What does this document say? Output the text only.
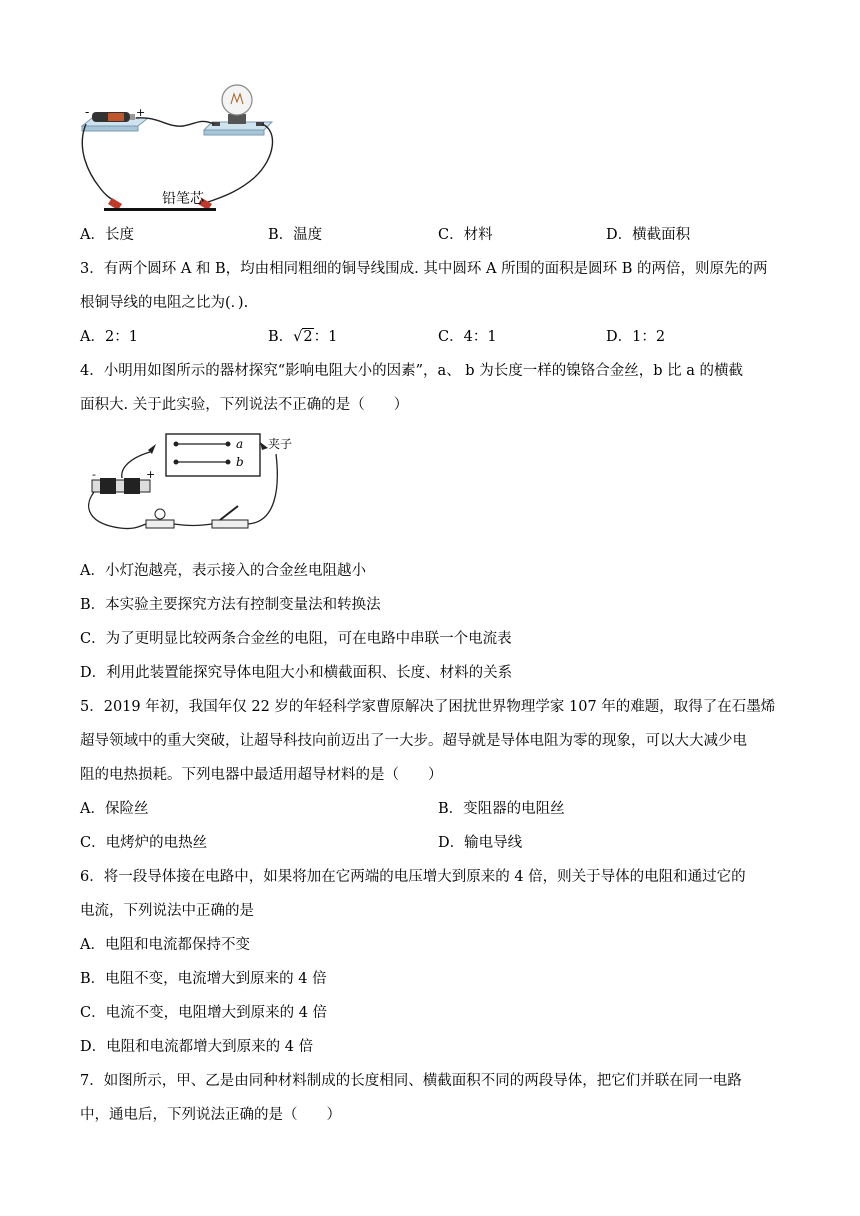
-	+
铅笔芯
A．长度	B．温度	C．材料	D．横截面积
3．有两个圆环 A 和 B，均由相同粗细的铜导线围成. 其中圆环 A 所围的面积是圆环 B 的两倍，则原先的两
根铜导线的电阻之比为(．).
A．2：1	B．√2：1	C．4：1	D．1：2
4．小明用如图所示的器材探究“影响电阻大小的因素”，a、 b 为长度一样的镍铬合金丝，b 比 a 的横截
面积大. 关于此实验，下列说法不正确的是（　　）
a
b
夹子
-	+
A．小灯泡越亮，表示接入的合金丝电阻越小
B．本实验主要探究方法有控制变量法和转换法
C．为了更明显比较两条合金丝的电阻，可在电路中串联一个电流表
D．利用此装置能探究导体电阻大小和横截面积、长度、材料的关系
5．2019 年初，我国年仅 22 岁的年轻科学家曹原解决了困扰世界物理学家 107 年的难题，取得了在石墨烯
超导领域中的重大突破，让超导科技向前迈出了一大步。超导就是导体电阻为零的现象，可以大大减少电
阻的电热损耗。下列电器中最适用超导材料的是（　　）
A．保险丝	B．变阻器的电阻丝
C．电烤炉的电热丝	D．输电导线
6．将一段导体接在电路中，如果将加在它两端的电压增大到原来的 4 倍，则关于导体的电阻和通过它的
电流，下列说法中正确的是
A．电阻和电流都保持不变
B．电阻不变，电流增大到原来的 4 倍
C．电流不变，电阻增大到原来的 4 倍
D．电阻和电流都增大到原来的 4 倍
7．如图所示，甲、乙是由同种材料制成的长度相同、横截面积不同的两段导体，把它们并联在同一电路
中，通电后，下列说法正确的是（　　）
